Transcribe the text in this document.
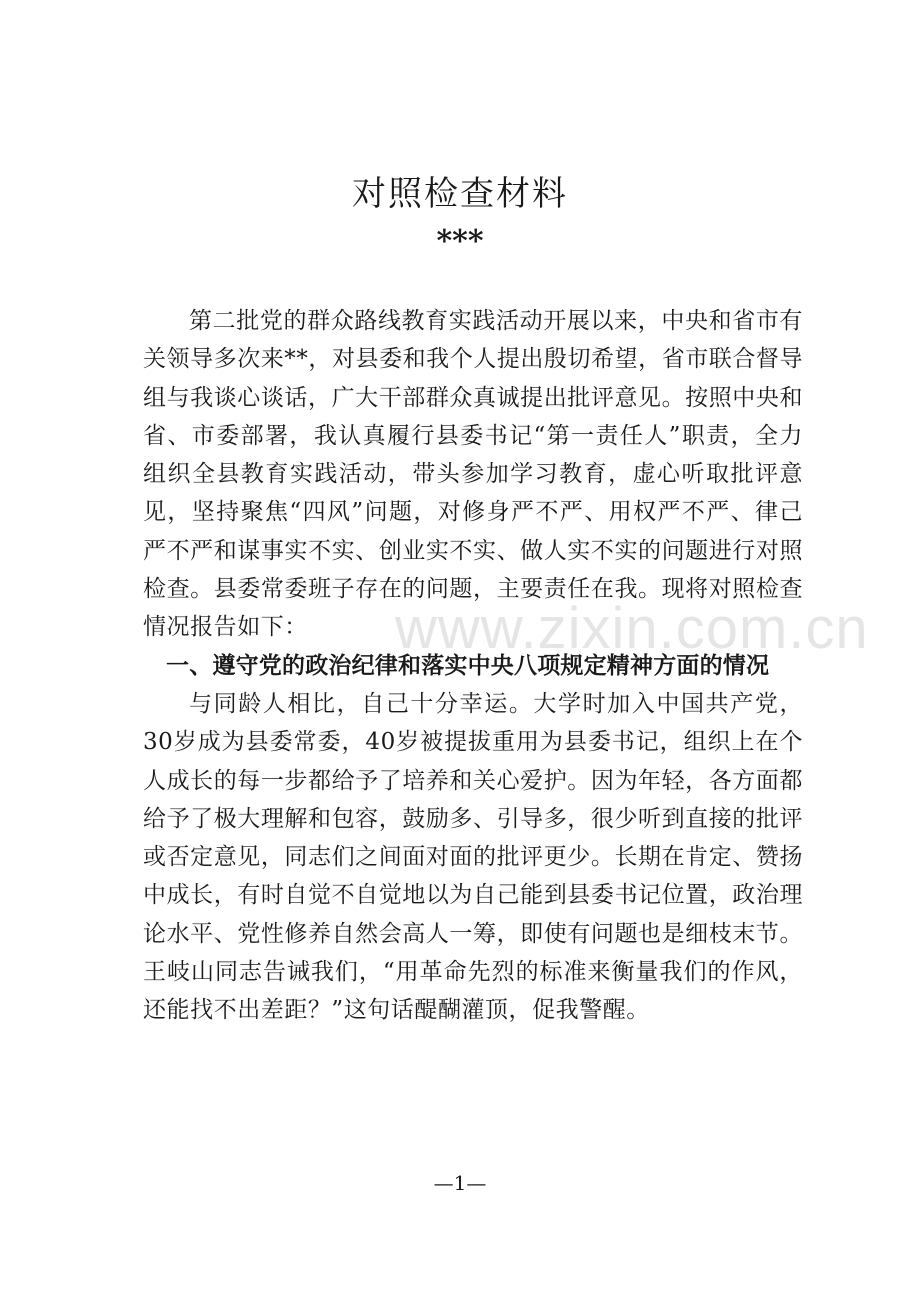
对照检查材料
***

第二批党的群众路线教育实践活动开展以来，中央和省市有关领导多次来**，对县委和我个人提出殷切希望，省市联合督导组与我谈心谈话，广大干部群众真诚提出批评意见。按照中央和省、市委部署，我认真履行县委书记“第一责任人”职责，全力组织全县教育实践活动，带头参加学习教育，虚心听取批评意见，坚持聚焦“四风”问题，对修身严不严、用权严不严、律己严不严和谋事实不实、创业实不实、做人实不实的问题进行对照检查。县委常委班子存在的问题，主要责任在我。现将对照检查情况报告如下：

一、遵守党的政治纪律和落实中央八项规定精神方面的情况

与同龄人相比，自己十分幸运。大学时加入中国共产党，30岁成为县委常委，40岁被提拔重用为县委书记，组织上在个人成长的每一步都给予了培养和关心爱护。因为年轻，各方面都给予了极大理解和包容，鼓励多、引导多，很少听到直接的批评或否定意见，同志们之间面对面的批评更少。长期在肯定、赞扬中成长，有时自觉不自觉地以为自己能到县委书记位置，政治理论水平、党性修养自然会高人一筹，即使有问题也是细枝末节。王岐山同志告诫我们，“用革命先烈的标准来衡量我们的作风，还能找不出差距？”这句话醍醐灌顶，促我警醒。

www.zixin.com.cn
—1—
